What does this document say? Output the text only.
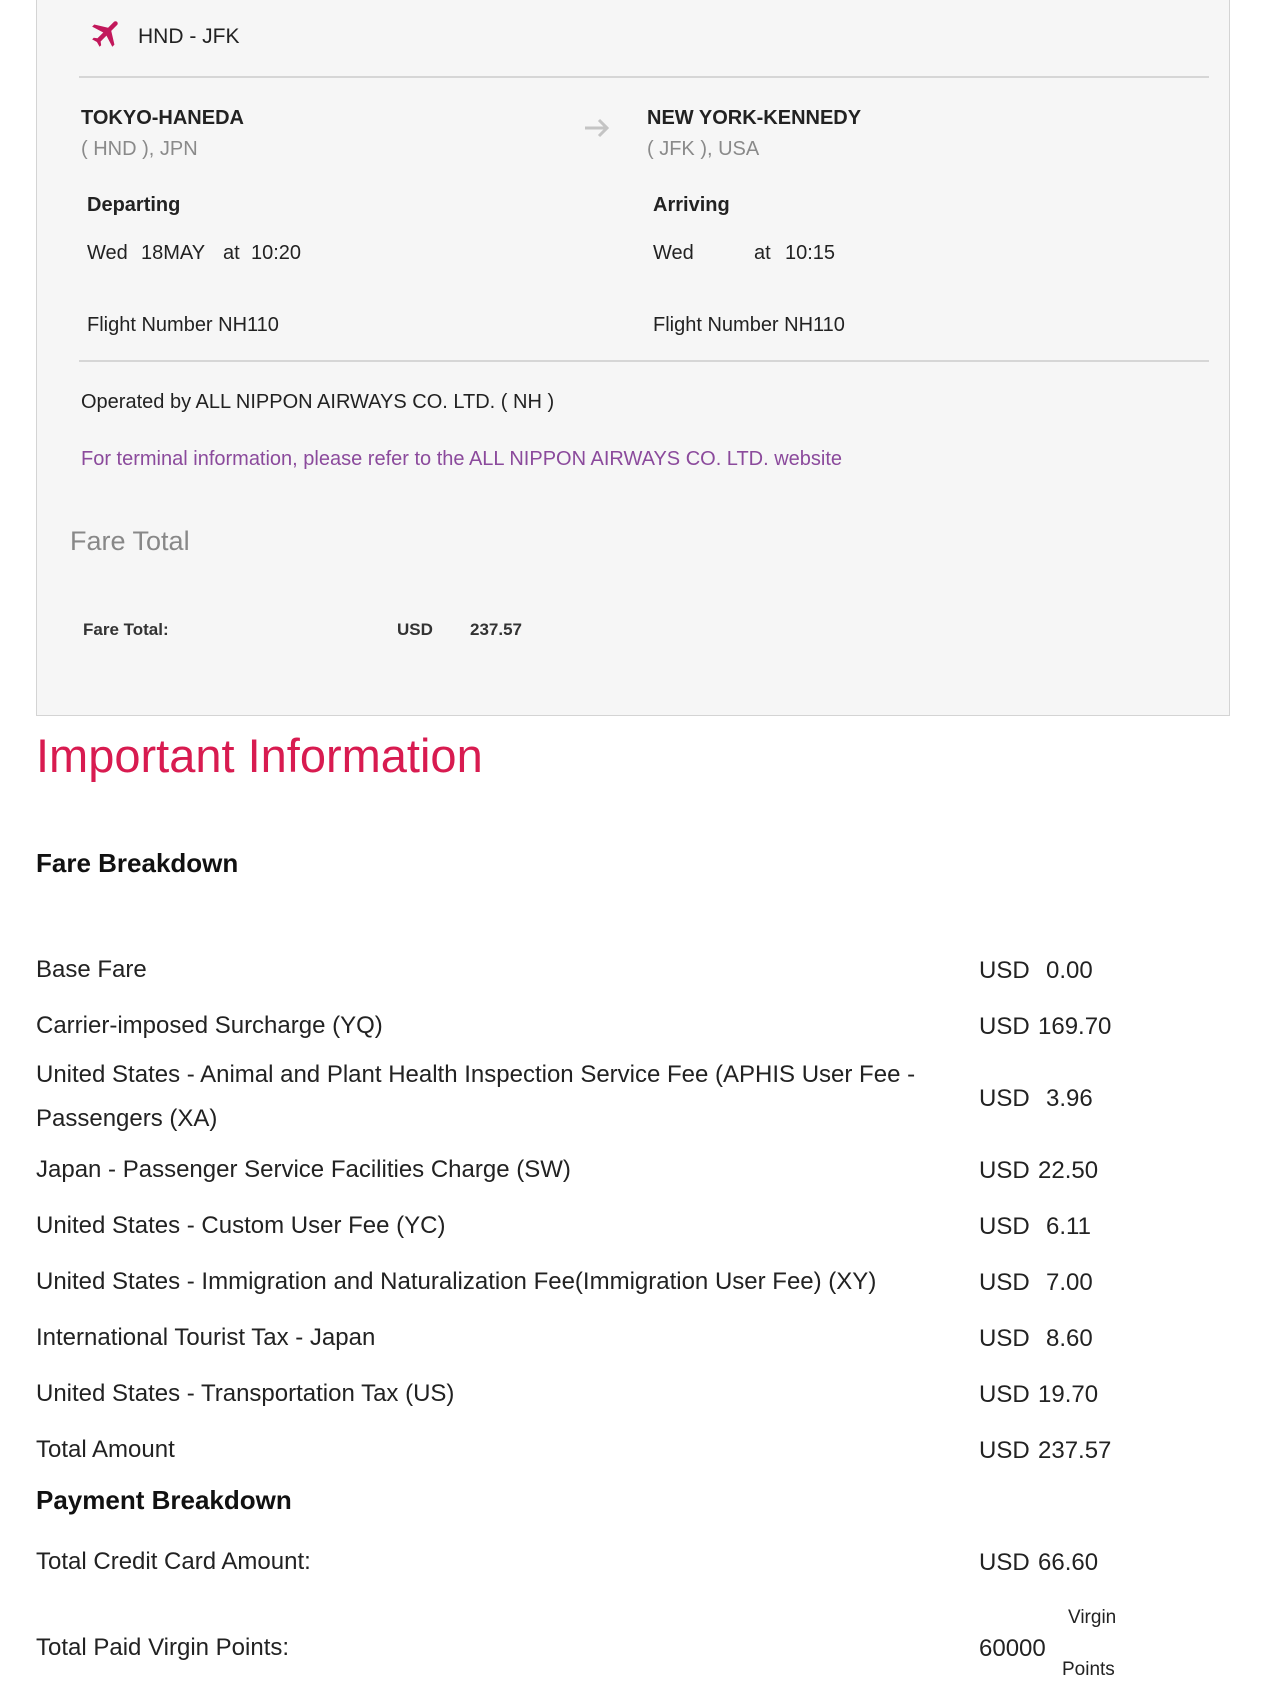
HND - JFK
TOKYO-HANEDA
( HND ), JPN
NEW YORK-KENNEDY
( JFK ), USA
Departing
Wed 18MAY at 10:20
Flight Number NH110
Arriving
Wed	at 10:15
Flight Number NH110
Operated by ALL NIPPON AIRWAYS CO. LTD. ( NH )
For terminal information, please refer to the ALL NIPPON AIRWAYS CO. LTD. website
Fare Total
Fare Total:	USD 237.57
Important Information
Fare Breakdown
Base Fare	USD 0.00
Carrier-imposed Surcharge (YQ)	USD 169.70
United States - Animal and Plant Health Inspection Service Fee (APHIS User Fee - Passengers (XA)
USD 3.96
Japan - Passenger Service Facilities Charge (SW)	USD 22.50
United States - Custom User Fee (YC)	USD 6.11
United States - Immigration and Naturalization Fee(Immigration User Fee) (XY)	USD 7.00
International Tourist Tax - Japan	USD 8.60
United States - Transportation Tax (US)	USD 19.70
Total Amount	USD 237.57
Payment Breakdown
Total Credit Card Amount:	USD 66.60
Total Paid Virgin Points:	60000
Virgin
Points
